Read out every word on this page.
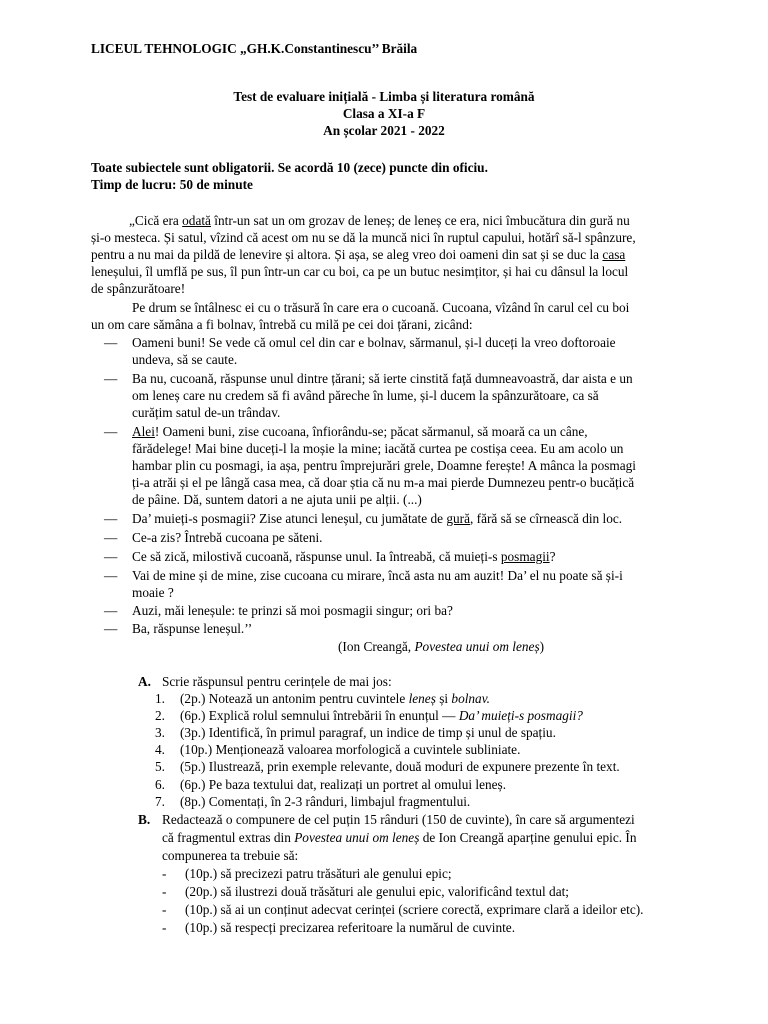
LICEUL TEHNOLOGIC „GH.K.Constantinescu’’ Brăila
Test de evaluare inițială - Limba și literatura română
Clasa a XI-a F
An școlar 2021 - 2022
Toate subiectele sunt obligatorii. Se acordă 10 (zece) puncte din oficiu.
Timp de lucru: 50 de minute
„Cică era odată într-un sat un om grozav de leneș; de leneș ce era, nici îmbucătura din gură nu
și-o mesteca. Și satul, vîzind că acest om nu se dă la muncă nici în ruptul capului, hotărî să-l spânzure,
pentru a nu mai da pildă de lenevire și altora. Și așa, se aleg vreo doi oameni din sat și se duc la casa
leneșului, îl umflă pe sus, îl pun într-un car cu boi, ca pe un butuc nesimțitor, și hai cu dânsul la locul
de spânzurătoare!
Pe drum se întâlnesc ei cu o trăsură în care era o cucoană. Cucoana, vîzând în carul cel cu boi
un om care sămâna a fi bolnav, întrebă cu milă pe cei doi țărani, zicând:
— Oameni buni! Se vede că omul cel din car e bolnav, sărmanul, și-l duceți la vreo doftoroaie
undeva, să se caute.
— Ba nu, cucoană, răspunse unul dintre țărani; să ierte cinstită față dumneavoastră, dar aista e un
om leneș care nu credem să fi având păreche în lume, și-l ducem la spânzurătoare, ca să
curățim satul de-un trândav.
— Alei! Oameni buni, zise cucoana, înfiorându-se; păcat sărmanul, să moară ca un câne,
fărădelege! Mai bine duceți-l la moșie la mine; iacătă curtea pe costișa ceea. Eu am acolo un
hambar plin cu posmagi, ia așa, pentru împrejurări grele, Doamne ferește! A mânca la posmagi
ți-a atrăi și el pe lângă casa mea, că doar știa că nu m-a mai pierde Dumnezeu pentr-o bucățică
de pâine. Dă, suntem datori a ne ajuta unii pe alții. (...)
— Da’ muieți-s posmagii? Zise atunci leneșul, cu jumătate de gură, fără să se cîrnească din loc.
— Ce-a zis? Întrebă cucoana pe săteni.
— Ce să zică, milostivă cucoană, răspunse unul. Ia întreabă, că muieți-s posmagii?
— Vai de mine și de mine, zise cucoana cu mirare, încă asta nu am auzit! Da’ el nu poate să și-i
moaie ?
— Auzi, măi leneșule: te prinzi să moi posmagii singur; ori ba?
— Ba, răspunse leneșul.’’
(Ion Creangă, Povestea unui om leneș)
A. Scrie răspunsul pentru cerințele de mai jos:
1. (2p.) Notează un antonim pentru cuvintele leneș și bolnav.
2. (6p.) Explică rolul semnului întrebării în enunțul — Da’ muieți-s posmagii?
3. (3p.) Identifică, în primul paragraf, un indice de timp și unul de spațiu.
4. (10p.) Menționează valoarea morfologică a cuvintele subliniate.
5. (5p.) Ilustrează, prin exemple relevante, două moduri de expunere prezente în text.
6. (6p.) Pe baza textului dat, realizați un portret al omului leneș.
7. (8p.) Comentați, în 2-3 rânduri, limbajul fragmentului.
B. Redactează o compunere de cel puțin 15 rânduri (150 de cuvinte), în care să argumentezi
că fragmentul extras din Povestea unui om leneș de Ion Creangă aparține genului epic. În
compunerea ta trebuie să:
- (10p.) să precizezi patru trăsături ale genului epic;
- (20p.) să ilustrezi două trăsături ale genului epic, valorificând textul dat;
- (10p.) să ai un conținut adecvat cerinței (scriere corectă, exprimare clară a ideilor etc).
- (10p.) să respecți precizarea referitoare la numărul de cuvinte.
